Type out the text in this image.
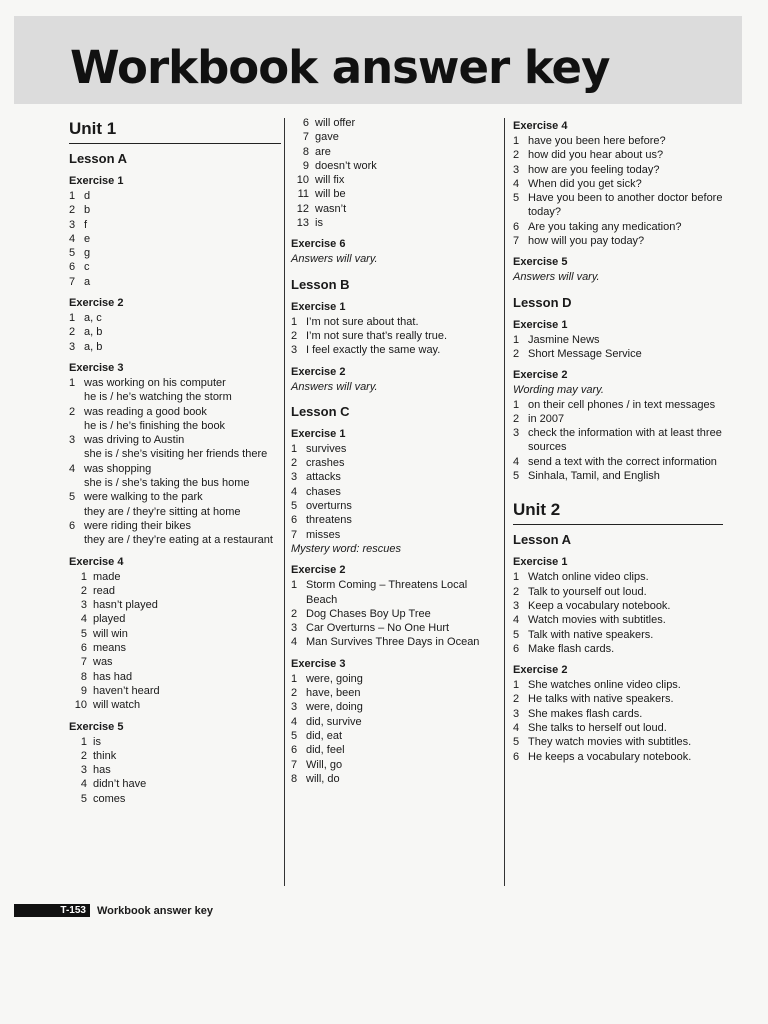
Workbook answer key
Unit 1
Lesson A
Exercise 1
1 d
2 b
3 f
4 e
5 g
6 c
7 a
Exercise 2
1 a, c
2 a, b
3 a, b
Exercise 3
1 was working on his computer
he is / he’s watching the storm
2 was reading a good book
he is / he’s finishing the book
3 was driving to Austin
she is / she’s visiting her friends there
4 was shopping
she is / she’s taking the bus home
5 were walking to the park
they are / they’re sitting at home
6 were riding their bikes
they are / they’re eating at a restaurant
Exercise 4
1 made
2 read
3 hasn’t played
4 played
5 will win
6 means
7 was
8 has had
9 haven’t heard
10 will watch
Exercise 5
1 is
2 think
3 has
4 didn’t have
5 comes
6 will offer
7 gave
8 are
9 doesn’t work
10 will fix
11 will be
12 wasn’t
13 is
Exercise 6
Answers will vary.
Lesson B
Exercise 1
1 I’m not sure about that.
2 I’m not sure that’s really true.
3 I feel exactly the same way.
Exercise 2
Answers will vary.
Lesson C
Exercise 1
1 survives
2 crashes
3 attacks
4 chases
5 overturns
6 threatens
7 misses
Mystery word: rescues
Exercise 2
1 Storm Coming – Threatens Local Beach
2 Dog Chases Boy Up Tree
3 Car Overturns – No One Hurt
4 Man Survives Three Days in Ocean
Exercise 3
1 were, going
2 have, been
3 were, doing
4 did, survive
5 did, eat
6 did, feel
7 Will, go
8 will, do
Exercise 4
1 have you been here before?
2 how did you hear about us?
3 how are you feeling today?
4 When did you get sick?
5 Have you been to another doctor before today?
6 Are you taking any medication?
7 how will you pay today?
Exercise 5
Answers will vary.
Lesson D
Exercise 1
1 Jasmine News
2 Short Message Service
Exercise 2
Wording may vary.
1 on their cell phones / in text messages
2 in 2007
3 check the information with at least three sources
4 send a text with the correct information
5 Sinhala, Tamil, and English
Unit 2
Lesson A
Exercise 1
1 Watch online video clips.
2 Talk to yourself out loud.
3 Keep a vocabulary notebook.
4 Watch movies with subtitles.
5 Talk with native speakers.
6 Make flash cards.
Exercise 2
1 She watches online video clips.
2 He talks with native speakers.
3 She makes flash cards.
4 She talks to herself out loud.
5 They watch movies with subtitles.
6 He keeps a vocabulary notebook.
T-153	Workbook answer key
